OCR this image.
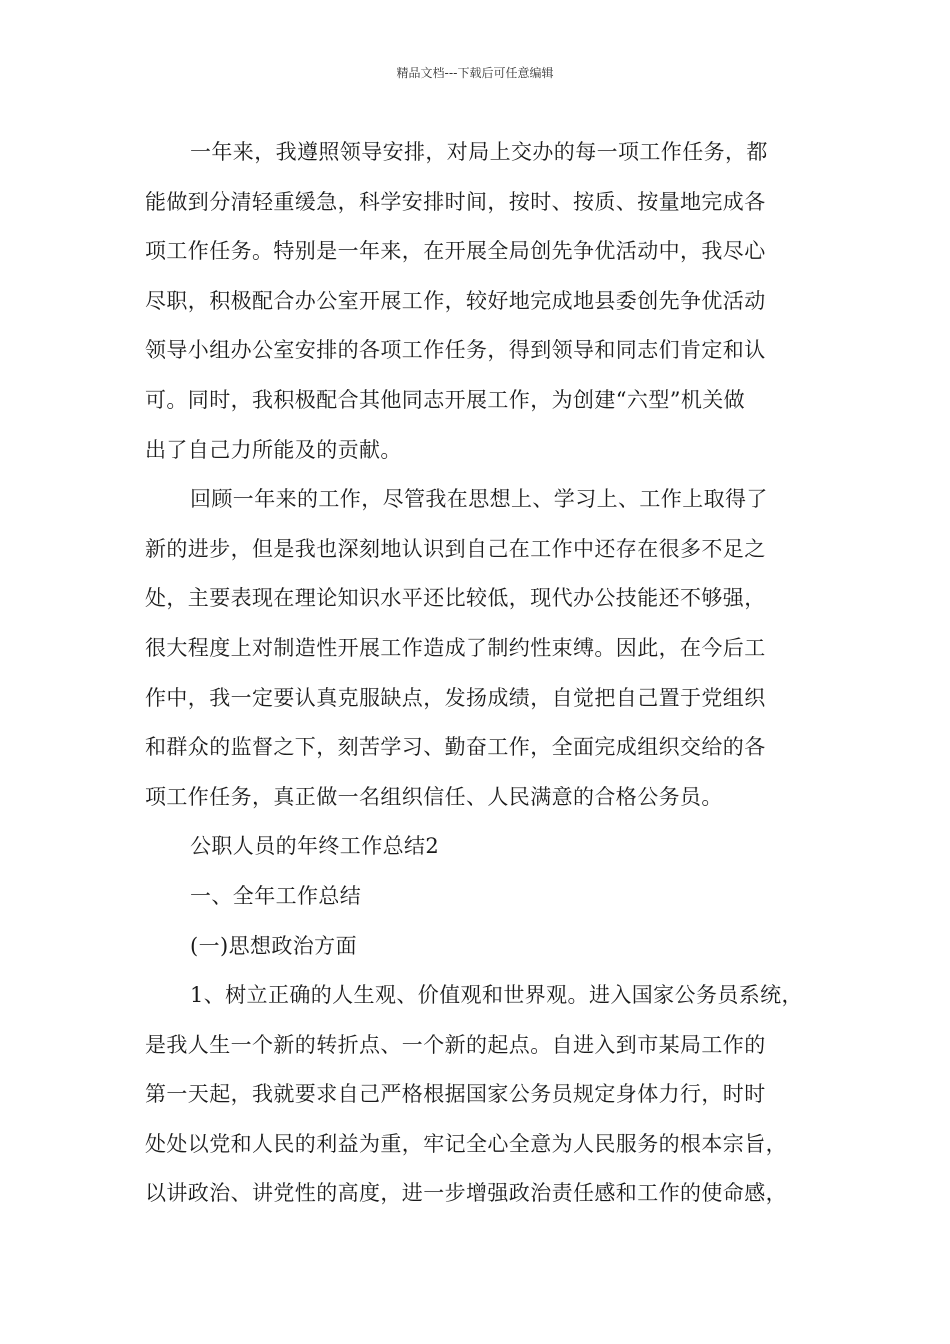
精品文档---下载后可任意编辑
一年来，我遵照领导安排，对局上交办的每一项工作任务，都
能做到分清轻重缓急，科学安排时间，按时、按质、按量地完成各
项工作任务。特别是一年来，在开展全局创先争优活动中，我尽心
尽职，积极配合办公室开展工作，较好地完成地县委创先争优活动
领导小组办公室安排的各项工作任务，得到领导和同志们肯定和认
可。同时，我积极配合其他同志开展工作，为创建“六型”机关做
出了自己力所能及的贡献。
回顾一年来的工作，尽管我在思想上、学习上、工作上取得了
新的进步，但是我也深刻地认识到自己在工作中还存在很多不足之
处，主要表现在理论知识水平还比较低，现代办公技能还不够强，
很大程度上对制造性开展工作造成了制约性束缚。因此，在今后工
作中，我一定要认真克服缺点，发扬成绩，自觉把自己置于党组织
和群众的监督之下，刻苦学习、勤奋工作，全面完成组织交给的各
项工作任务，真正做一名组织信任、人民满意的合格公务员。
公职人员的年终工作总结2
一、全年工作总结
(一)思想政治方面
1、树立正确的人生观、价值观和世界观。进入国家公务员系统，
是我人生一个新的转折点、一个新的起点。自进入到市某局工作的
第一天起，我就要求自己严格根据国家公务员规定身体力行，时时
处处以党和人民的利益为重，牢记全心全意为人民服务的根本宗旨，
以讲政治、讲党性的高度，进一步增强政治责任感和工作的使命感，
